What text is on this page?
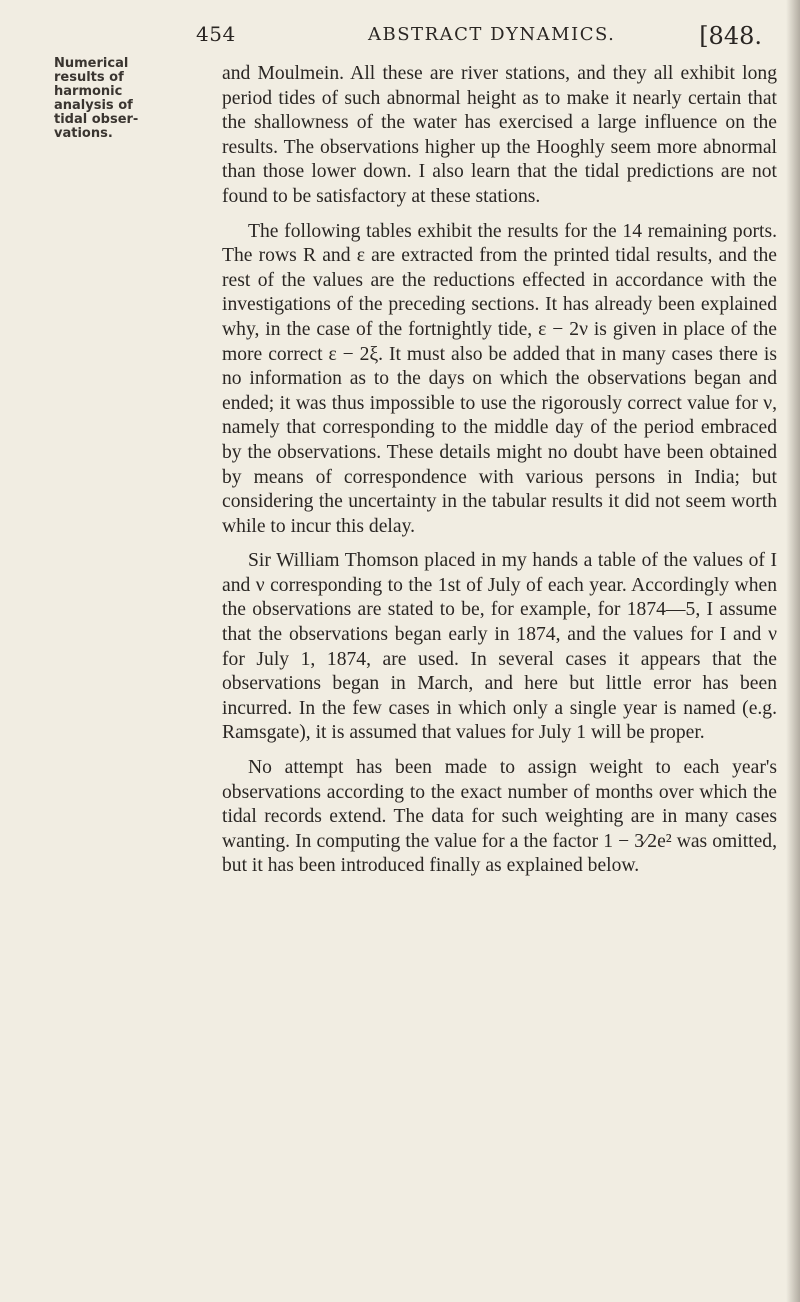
454	ABSTRACT DYNAMICS.	[848.
Numerical
results of
harmonic
analysis of
tidal obser-
vations.

and Moulmein. All these are river stations, and they all exhibit long period tides of such abnormal height as to make it nearly certain that the shallowness of the water has exercised a large influence on the results. The observations higher up the Hooghly seem more abnormal than those lower down. I also learn that the tidal predictions are not found to be satisfactory at these stations.

The following tables exhibit the results for the 14 remaining ports. The rows R and ε are extracted from the printed tidal results, and the rest of the values are the reductions effected in accordance with the investigations of the preceding sections. It has already been explained why, in the case of the fortnightly tide, ε − 2ν is given in place of the more correct ε − 2ξ. It must also be added that in many cases there is no information as to the days on which the observations began and ended; it was thus impossible to use the rigorously correct value for ν, namely that corresponding to the middle day of the period embraced by the observations. These details might no doubt have been obtained by means of correspondence with various persons in India; but considering the uncertainty in the tabular results it did not seem worth while to incur this delay.

Sir William Thomson placed in my hands a table of the values of I and ν corresponding to the 1st of July of each year. Accordingly when the observations are stated to be, for example, for 1874—5, I assume that the observations began early in 1874, and the values for I and ν for July 1, 1874, are used. In several cases it appears that the observations began in March, and here but little error has been incurred. In the few cases in which only a single year is named (e.g. Ramsgate), it is assumed that values for July 1 will be proper.

No attempt has been made to assign weight to each year's observations according to the exact number of months over which the tidal records extend. The data for such weighting are in many cases wanting. In computing the value for a the factor 1 − 3⁄2e² was omitted, but it has been introduced finally as explained below.
